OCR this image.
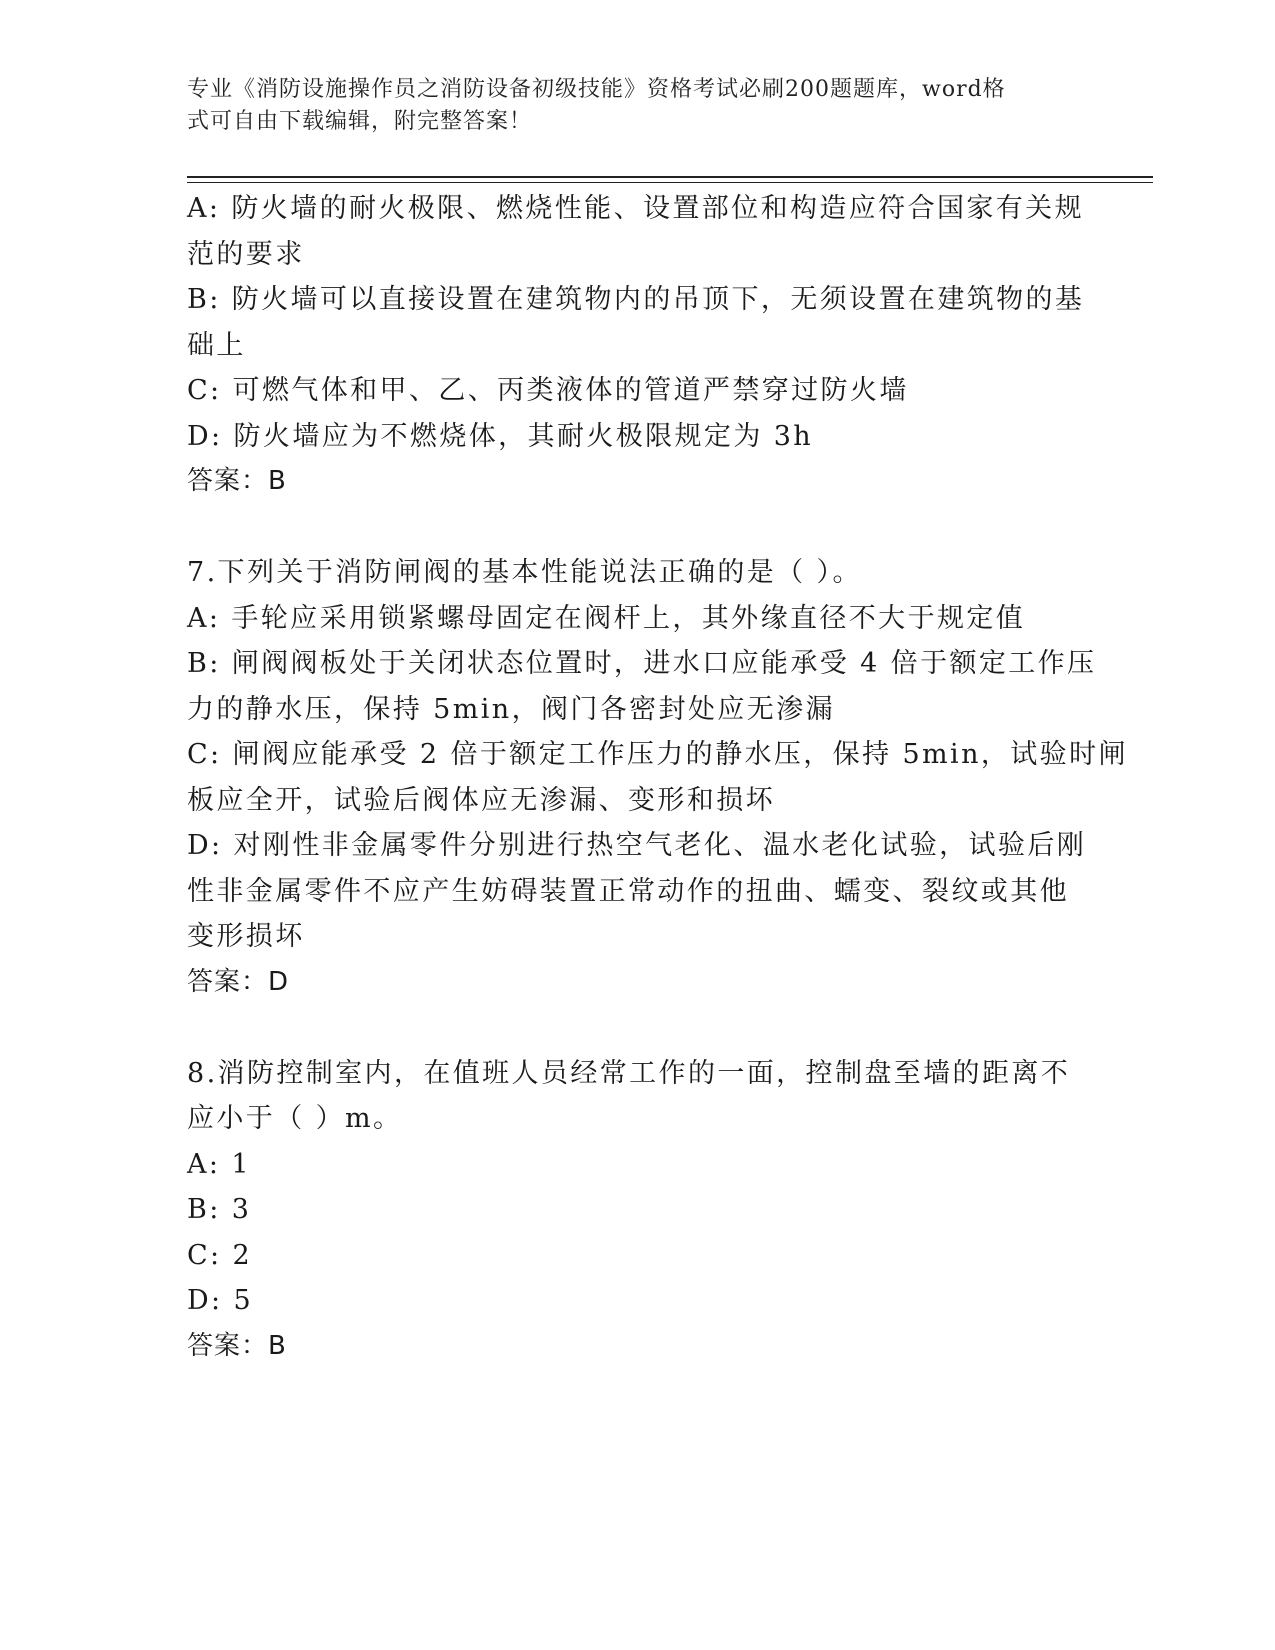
专业《消防设施操作员之消防设备初级技能》资格考试必刷200题题库，word格
式可自由下载编辑，附完整答案！
A: 防火墙的耐火极限、燃烧性能、设置部位和构造应符合国家有关规
范的要求
B: 防火墙可以直接设置在建筑物内的吊顶下，无须设置在建筑物的基
础上
C: 可燃气体和甲、乙、丙类液体的管道严禁穿过防火墙
D: 防火墙应为不燃烧体，其耐火极限规定为 3h
答案：B
7.下列关于消防闸阀的基本性能说法正确的是（ ）。
A: 手轮应采用锁紧螺母固定在阀杆上，其外缘直径不大于规定值
B: 闸阀阀板处于关闭状态位置时，进水口应能承受 4 倍于额定工作压
力的静水压，保持 5min，阀门各密封处应无渗漏
C: 闸阀应能承受 2 倍于额定工作压力的静水压，保持 5min，试验时闸
板应全开，试验后阀体应无渗漏、变形和损坏
D: 对刚性非金属零件分别进行热空气老化、温水老化试验，试验后刚
性非金属零件不应产生妨碍装置正常动作的扭曲、蠕变、裂纹或其他
变形损坏
答案：D
8.消防控制室内，在值班人员经常工作的一面，控制盘至墙的距离不
应小于（ ）m。
A: 1
B: 3
C: 2
D: 5
答案：B
